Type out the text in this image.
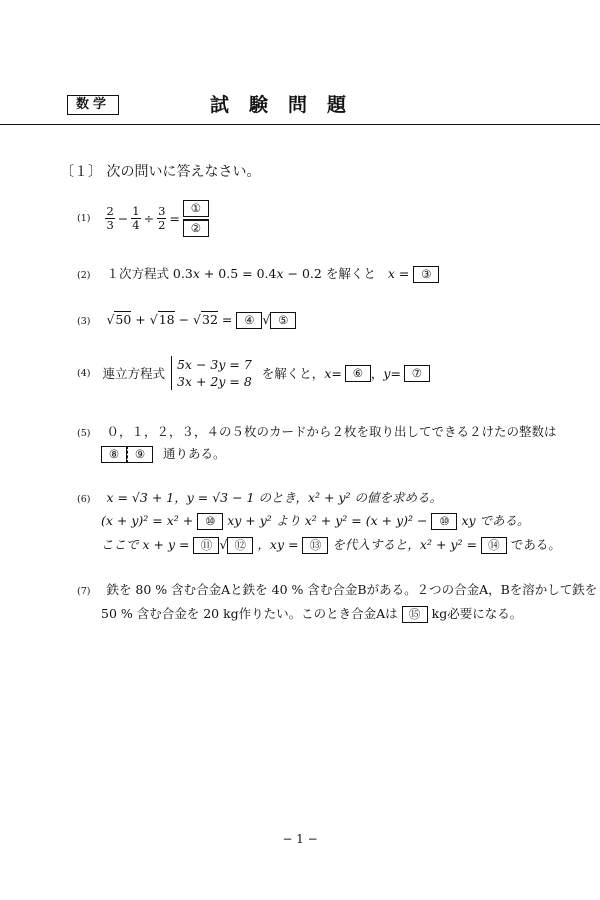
数学	試験問題
〔１〕 次の問いに答えなさい。
$(1) \frac{2}{3} - \frac{1}{4} \div \frac{3}{2} = \frac{\text{①}}{\text{②}}$
(2) １次方程式 0.3x + 0.5 = 0.4x − 0.2 を解くと x = ③
(3) √50 + √18 − √32 = ④ √ ⑤
(4) 連立方程式
5x − 3y = 7
3x + 2y = 8
を解くと， x = ⑥ ， y = ⑦
(5) ０，１，２，３，４の５枚のカードから２枚を取り出してできる２けたの整数は
⑧ ⑨ 通りある。
(6) x = √3 + 1，y = √3 − 1 のとき，x² + y² の値を求める。
(x + y)² = x² + ⑩ xy + y² より x² + y² = (x + y)² − ⑩ xy である。
ここで x + y = ⑪ √ ⑫ ，xy = ⑬ を代入すると，x² + y² = ⑭ である。
(7) 鉄を 80 % 含む合金Aと鉄を 40 % 含む合金Bがある。２つの合金A，Bを溶かして鉄を
50 % 含む合金を 20 kg作りたい。このとき合金Aは ⑮ kg必要になる。
− 1 −
